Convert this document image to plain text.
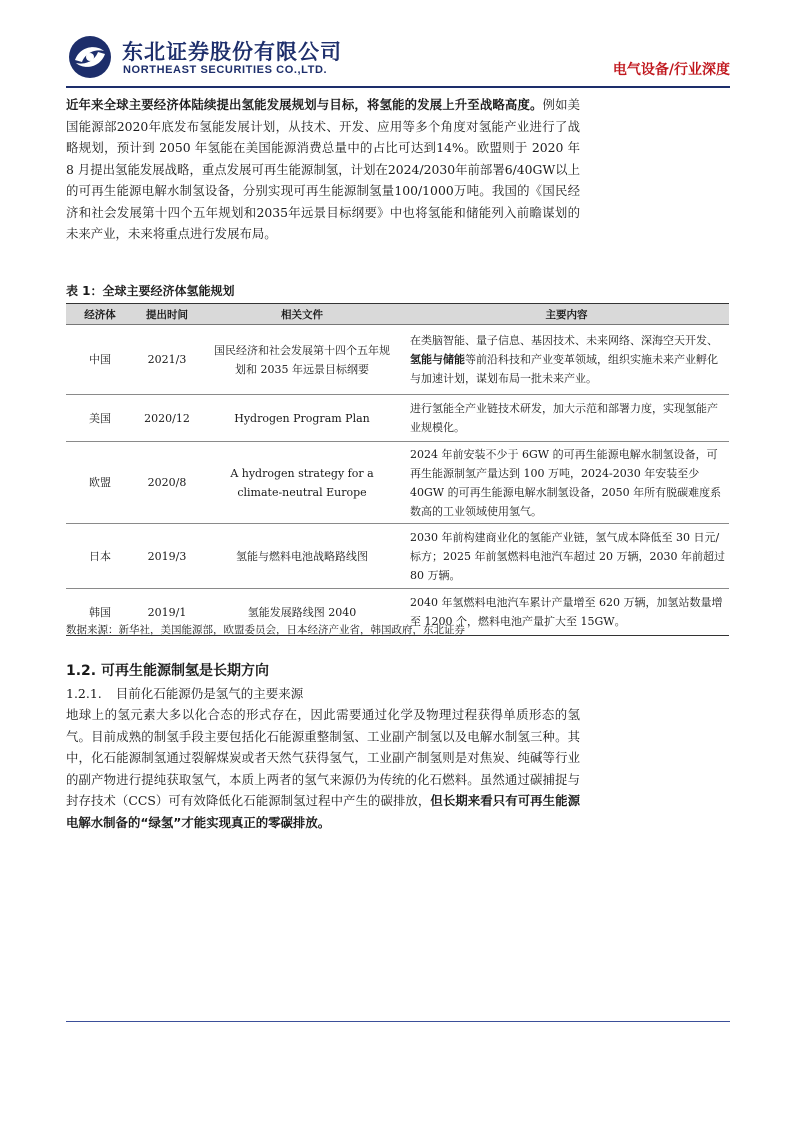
东北证券股份有限公司
NORTHEAST SECURITIES CO.,LTD.	电气设备/行业深度

近年来全球主要经济体陆续提出氢能发展规划与目标，将氢能的发展上升至战略高度。例如美国能源部2020年底发布氢能发展计划，从技术、开发、应用等多个角度对氢能产业进行了战略规划，预计到 2050 年氢能在美国能源消费总量中的占比可达到14%。欧盟则于 2020 年 8 月提出氢能发展战略，重点发展可再生能源制氢，计划在2024/2030年前部署6/40GW以上的可再生能源电解水制氢设备，分别实现可再生能源制氢量100/1000万吨。我国的《国民经济和社会发展第十四个五年规划和2035年远景目标纲要》中也将氢能和储能列入前瞻谋划的未来产业，未来将重点进行发展布局。

表 1：全球主要经济体氢能规划
经济体	提出时间	相关文件	主要内容
中国	2021/3	国民经济和社会发展第十四个五年规划和 2035 年远景目标纲要	在类脑智能、量子信息、基因技术、未来网络、深海空天开发、氢能与储能等前沿科技和产业变革领域，组织实施未来产业孵化与加速计划，谋划布局一批未来产业。
美国	2020/12	Hydrogen Program Plan	进行氢能全产业链技术研发，加大示范和部署力度，实现氢能产业规模化。
欧盟	2020/8	A hydrogen strategy for a climate-neutral Europe	2024 年前安装不少于 6GW 的可再生能源电解水制氢设备，可再生能源制氢产量达到 100 万吨，2024-2030 年安装至少 40GW 的可再生能源电解水制氢设备，2050 年所有脱碳难度系数高的工业领域使用氢气。
日本	2019/3	氢能与燃料电池战略路线图	2030 年前构建商业化的氢能产业链，氢气成本降低至 30 日元/标方；2025 年前氢燃料电池汽车超过 20 万辆，2030 年前超过 80 万辆。
韩国	2019/1	氢能发展路线图 2040	2040 年氢燃料电池汽车累计产量增至 620 万辆，加氢站数量增至 1200 个，燃料电池产量扩大至 15GW。
数据来源：新华社，美国能源部，欧盟委员会，日本经济产业省，韩国政府，东北证券
1.2. 可再生能源制氢是长期方向
1.2.1. 目前化石能源仍是氢气的主要来源

地球上的氢元素大多以化合态的形式存在，因此需要通过化学及物理过程获得单质形态的氢气。目前成熟的制氢手段主要包括化石能源重整制氢、工业副产制氢以及电解水制氢三种。其中，化石能源制氢通过裂解煤炭或者天然气获得氢气，工业副产制氢则是对焦炭、纯碱等行业的副产物进行提纯获取氢气，本质上两者的氢气来源仍为传统的化石燃料。虽然通过碳捕捉与封存技术（CCS）可有效降低化石能源制氢过程中产生的碳排放，但长期来看只有可再生能源电解水制备的“绿氢”才能实现真正的零碳排放。
